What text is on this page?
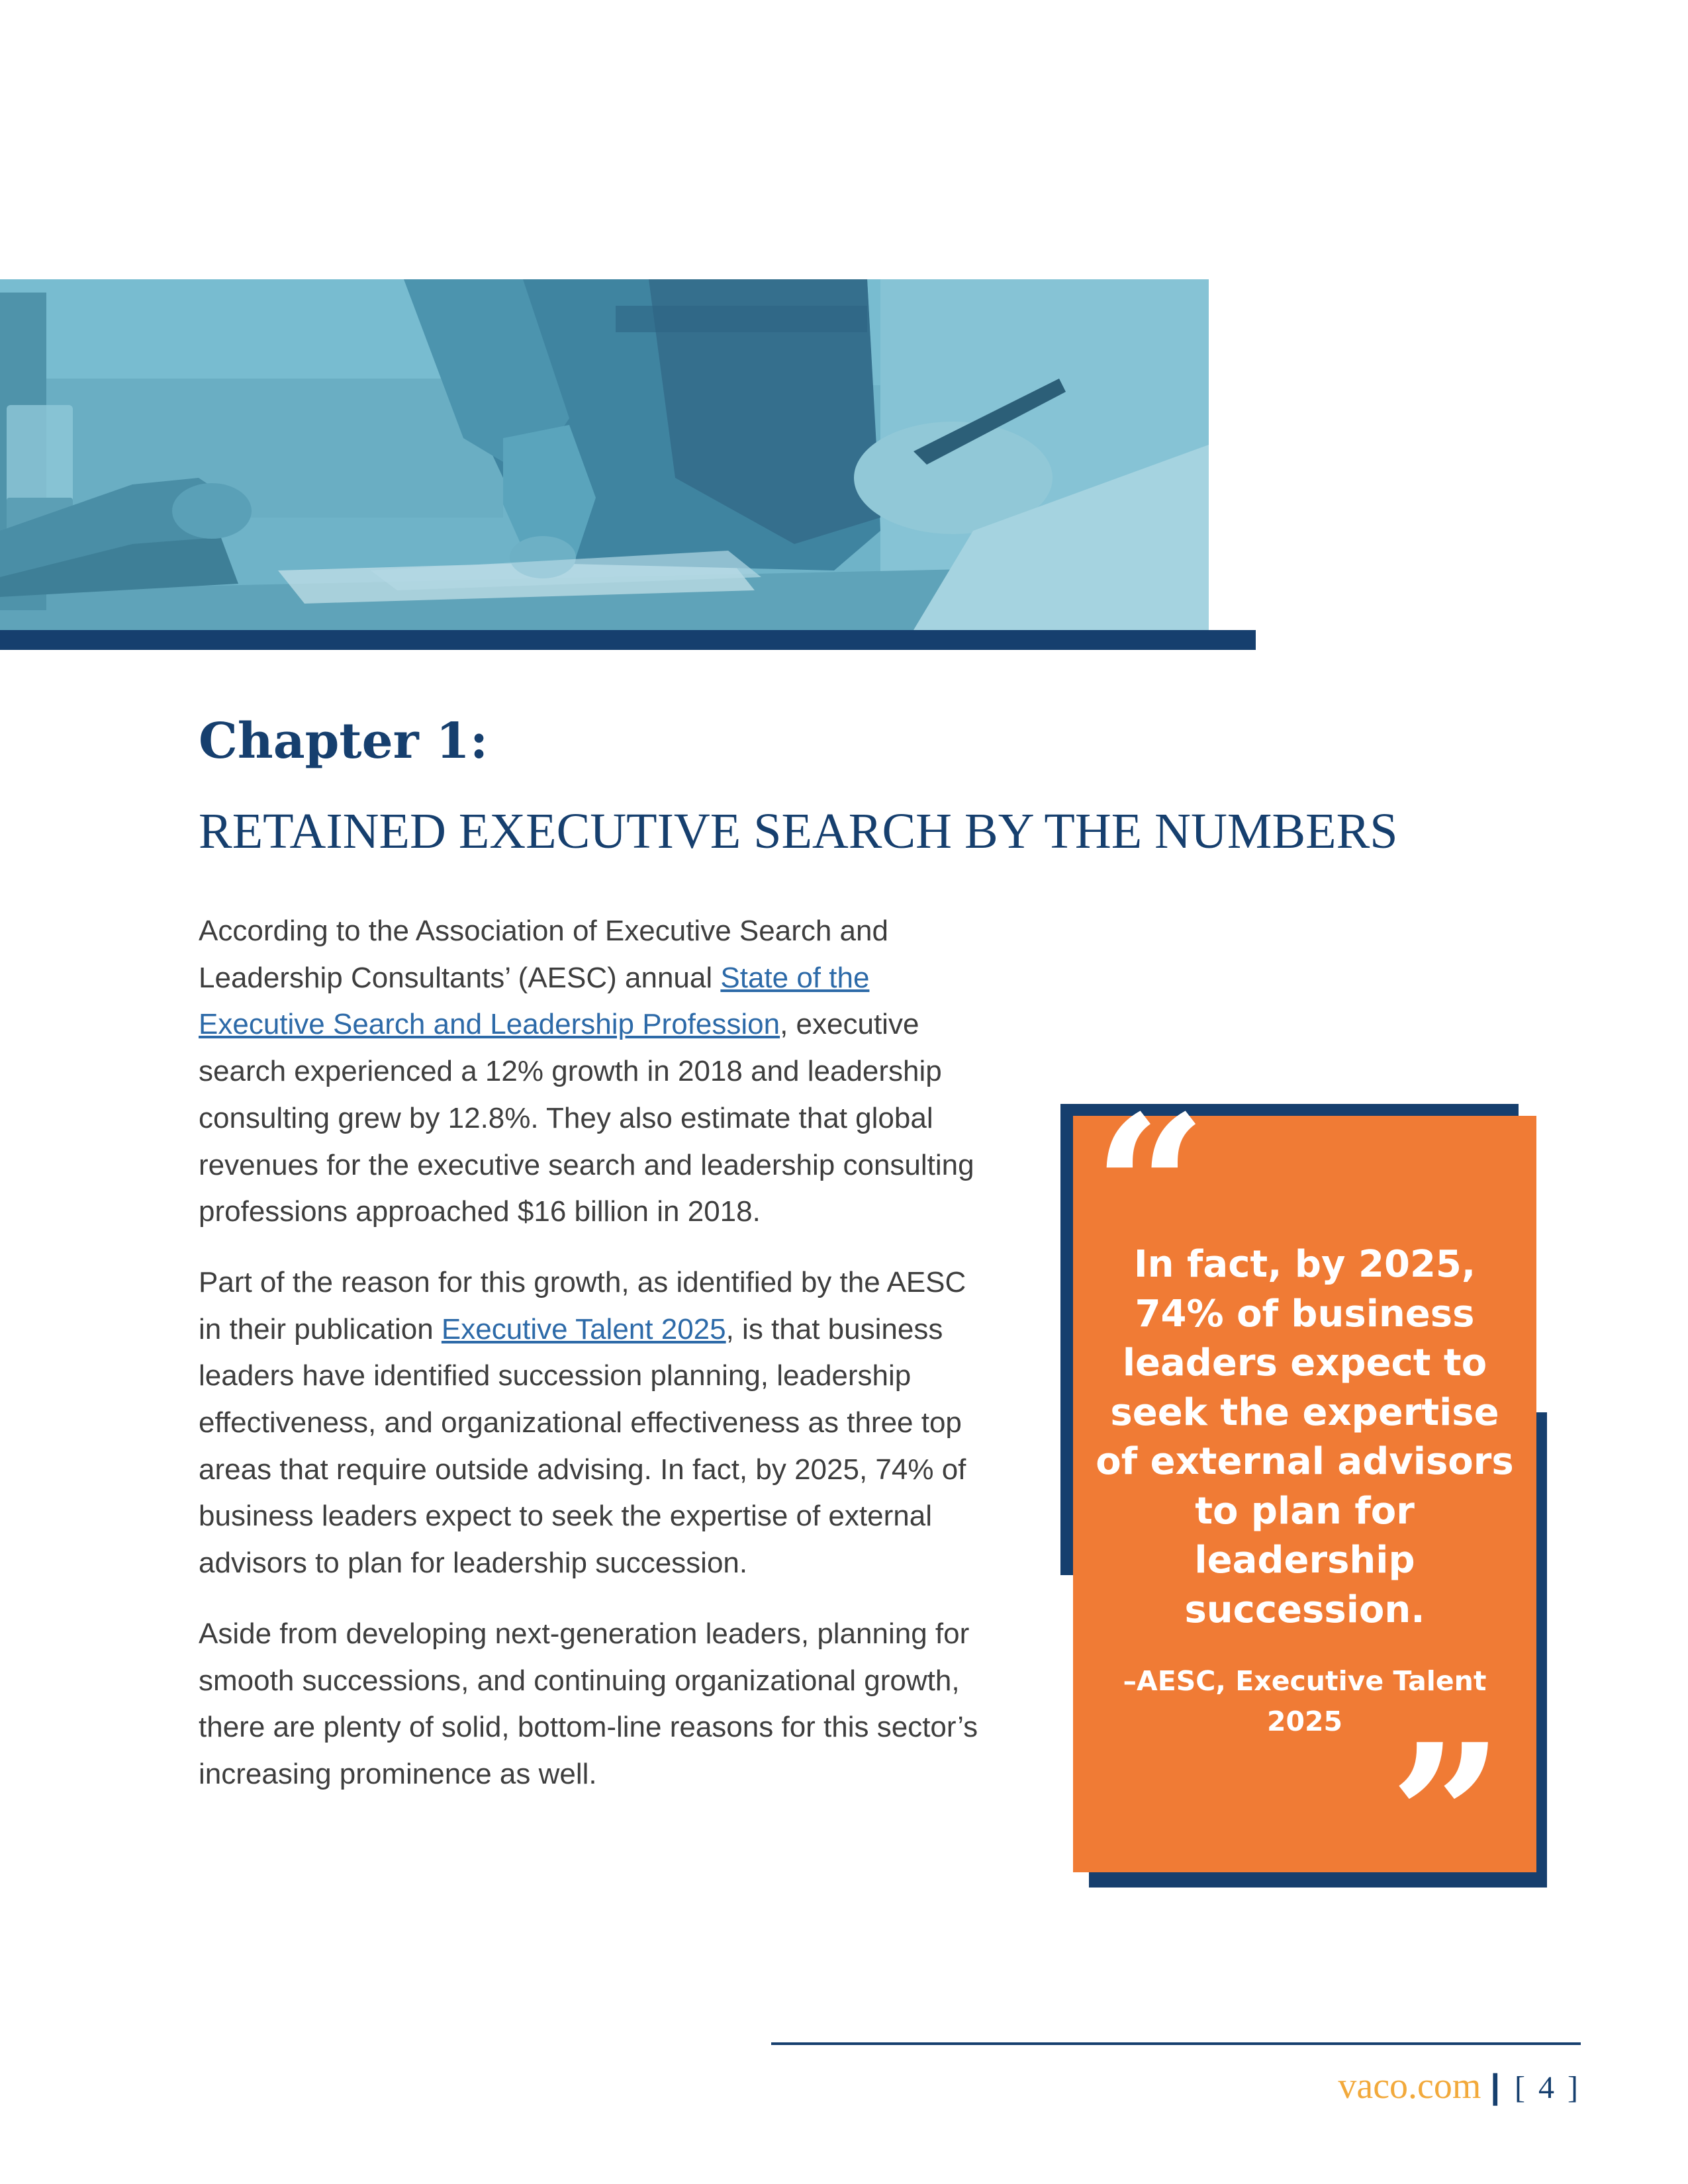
Chapter 1:
RETAINED EXECUTIVE SEARCH BY THE NUMBERS

According to the Association of Executive Search and Leadership Consultants’ (AESC) annual State of the Executive Search and Leadership Profession, executive search experienced a 12% growth in 2018 and leadership consulting grew by 12.8%. They also estimate that global revenues for the executive search and leadership consulting professions approached $16 billion in 2018.

Part of the reason for this growth, as identified by the AESC in their publication Executive Talent 2025, is that business leaders have identified succession planning, leadership effectiveness, and organizational effectiveness as three top areas that require outside advising. In fact, by 2025, 74% of business leaders expect to seek the expertise of external advisors to plan for leadership succession.

Aside from developing next-generation leaders, planning for smooth successions, and continuing organizational growth, there are plenty of solid, bottom-line reasons for this sector’s increasing prominence as well.

“
In fact, by 2025, 74% of business leaders expect to seek the expertise of external advisors to plan for leadership succession.
–AESC, Executive Talent 2025 ”
vaco.com | [ 4 ]
